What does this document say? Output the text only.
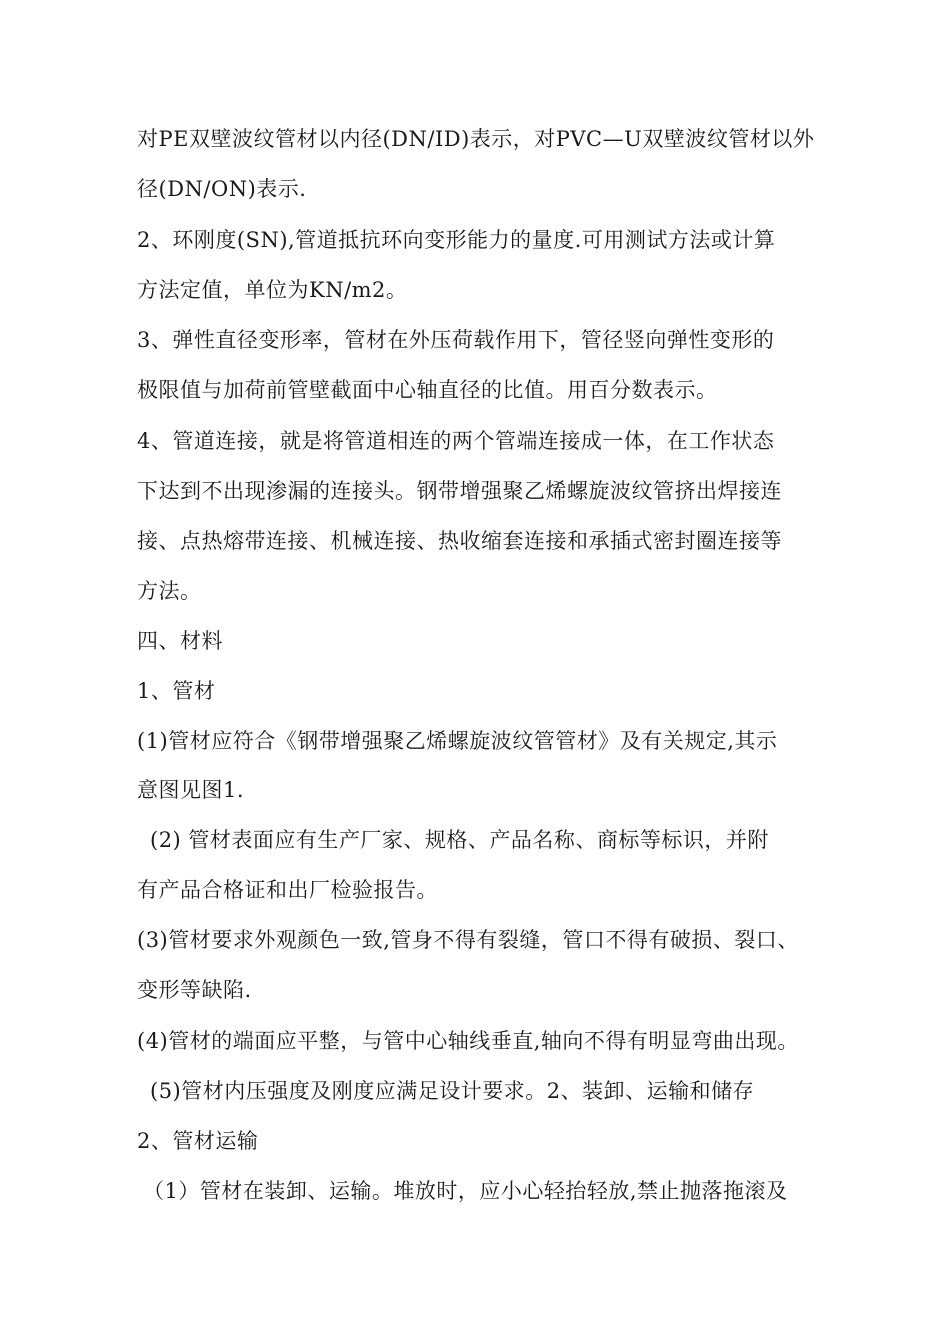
对PE双壁波纹管材以内径(DN/ID)表示，对PVC—U双壁波纹管材以外
径(DN/ON)表示.
2、环刚度(SN),管道抵抗环向变形能力的量度.可用测试方法或计算
方法定值，单位为KN/m2。
3、弹性直径变形率，管材在外压荷载作用下，管径竖向弹性变形的
极限值与加荷前管壁截面中心轴直径的比值。用百分数表示。
4、管道连接，就是将管道相连的两个管端连接成一体，在工作状态
下达到不出现渗漏的连接头。钢带增强聚乙烯螺旋波纹管挤出焊接连
接、点热熔带连接、机械连接、热收缩套连接和承插式密封圈连接等
方法。
四、材料
1、管材
(1)管材应符合《钢带增强聚乙烯螺旋波纹管管材》及有关规定,其示
意图见图1.
(2) 管材表面应有生产厂家、规格、产品名称、商标等标识，并附
有产品合格证和出厂检验报告。
(3)管材要求外观颜色一致,管身不得有裂缝，管口不得有破损、裂口、
变形等缺陷.
(4)管材的端面应平整，与管中心轴线垂直,轴向不得有明显弯曲出现。
(5)管材内压强度及刚度应满足设计要求。2、装卸、运输和储存
2、管材运输
（1）管材在装卸、运输。堆放时，应小心轻抬轻放,禁止抛落拖滚及
